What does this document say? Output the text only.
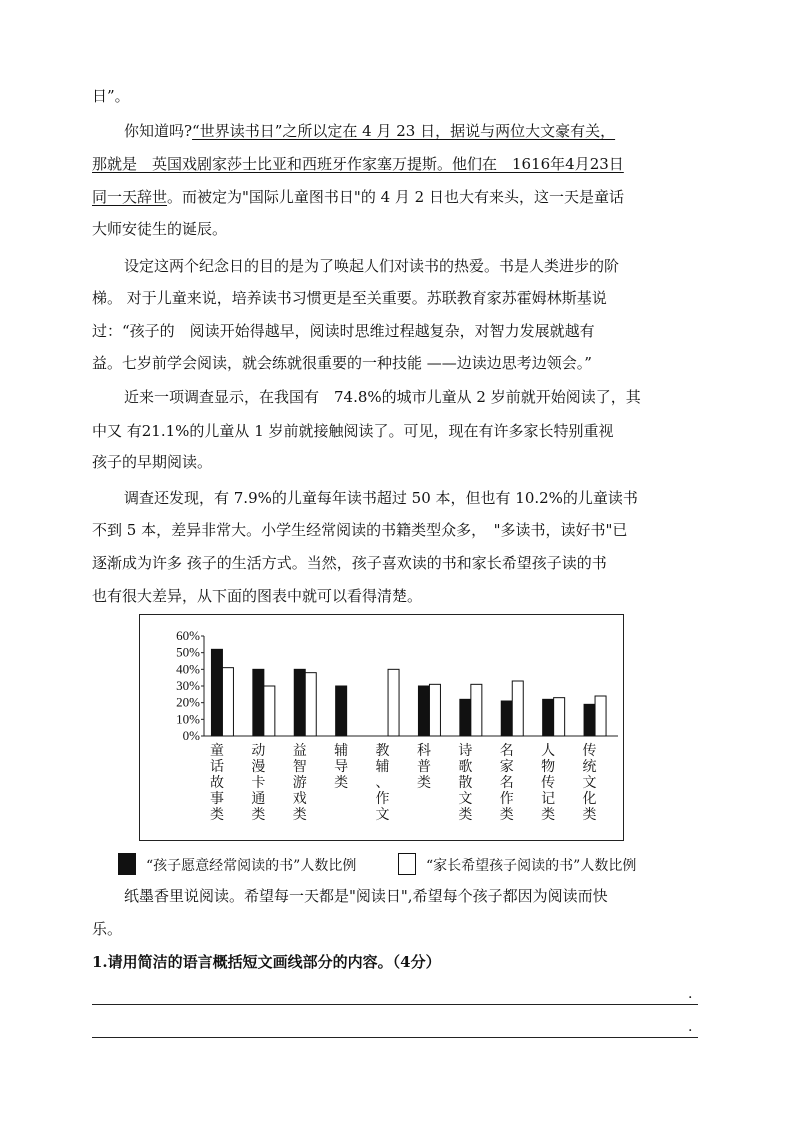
日”。
你知道吗?“世界读书日”之所以定在 4 月 23 日，据说与两位大文豪有关，
那就是　英国戏剧家莎士比亚和西班牙作家塞万提斯。他们在　1616年4月23日
同一天辞世。而被定为"国际儿童图书日"的 4 月 2 日也大有来头，这一天是童话
大师安徒生的诞辰。
设定这两个纪念日的目的是为了唤起人们对读书的热爱。书是人类进步的阶
梯。 对于儿童来说，培养读书习惯更是至关重要。苏联教育家苏霍姆林斯基说
过：“孩子的　阅读开始得越早，阅读时思维过程越复杂，对智力发展就越有
益。七岁前学会阅读，就会练就很重要的一种技能 ——边读边思考边领会。”
近来一项调查显示，在我国有　74.8%的城市儿童从 2 岁前就开始阅读了，其
中又 有21.1%的儿童从 1 岁前就接触阅读了。可见，现在有许多家长特别重视
孩子的早期阅读。
调查还发现，有 7.9%的儿童每年读书超过 50 本，但也有 10.2%的儿童读书
不到 5 本，差异非常大。小学生经常阅读的书籍类型众多，　"多读书，读好书"已
逐渐成为许多 孩子的生活方式。当然，孩子喜欢读的书和家长希望孩子读的书
也有很大差异，从下面的图表中就可以看得清楚。
60%
50%
40%
30%
20%
10%
0%
童话故事类
动漫卡通类
益智游戏类
辅导类
教辅、作文
科普类
诗歌散文类
名家名作类
人物传记类
传统文化类
“孩子愿意经常阅读的书”人数比例	“家长希望孩子阅读的书”人数比例
纸墨香里说阅读。希望每一天都是"阅读日",希望每个孩子都因为阅读而快
乐。
1.请用简洁的语言概括短文画线部分的内容。（4分）
.
.
